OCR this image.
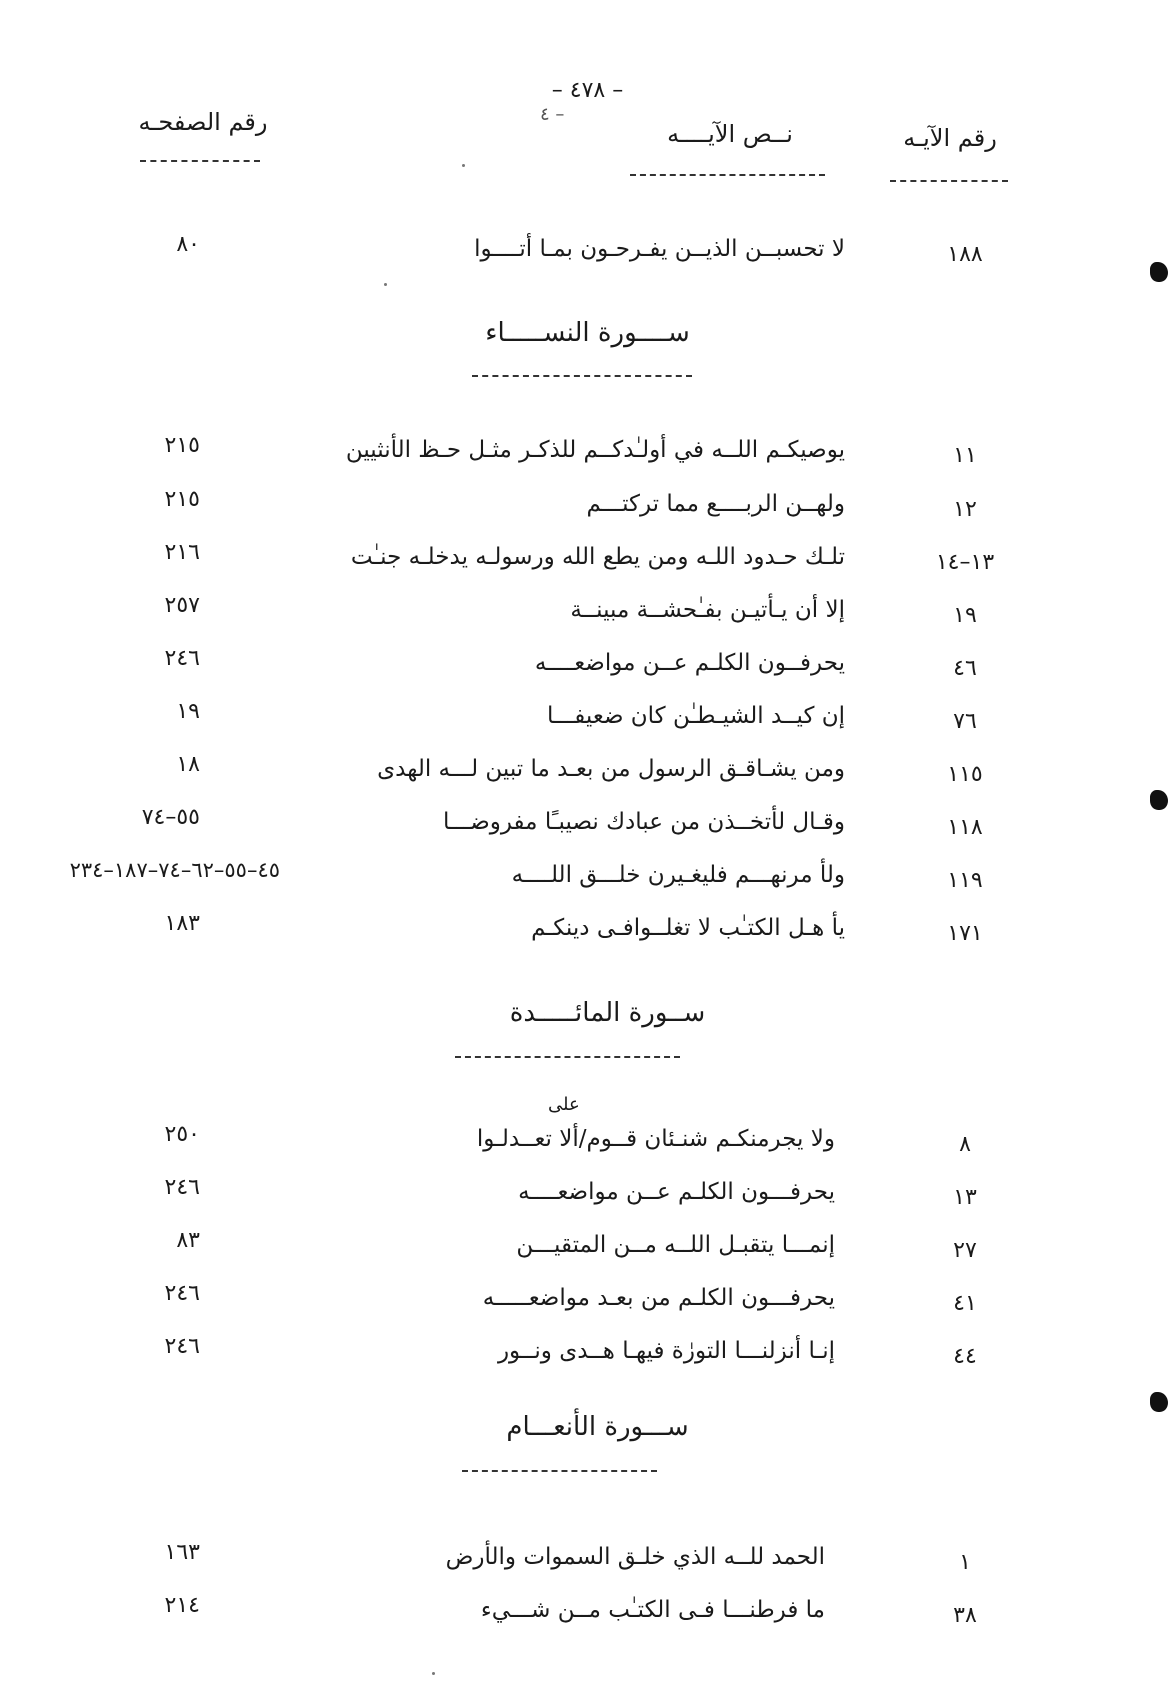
– ٤٧٨ –
– ٤
رقم الصفحـه	نــص الآيــــه	رقم الآيـه
٨٠	لا تحسبــن الذيــن يفـرحـون بمـا أتــــوا	١٨٨
ســــورة النســـــاء
٢١٥	يوصيكـم اللــه في أولـٰدكــم للذكـر مثـل حـظ الأنثيين	١١
٢١٥	ولهــن الربــــع مما تركتـــم	١٢
٢١٦	تلـك حـدود اللـه ومن يطع الله ورسولـه يدخلـه جنـٰت	١٣–١٤
٢٥٧	إلا أن يـأتيـن بفـٰحشــة مبينــة	١٩
٢٤٦	يحرفــون الكلـم عــن مواضعــــه	٤٦
١٩	إن كيــد الشيـطـٰن كان ضعيفـــا	٧٦
١٨	ومن يشـاقـق الرسول من بعـد ما تبين لـــه الهدى	١١٥
٥٥–٧٤	وقـال لأتخــذن من عبادك نصيبـًا مفروضـــا	١١٨
٤٥–٥٥–٦٢–٧٤–١٨٧–٢٣٤	ولأ مرنهـــم فليغـيرن خلـــق اللــــه	١١٩
١٨٣	يأ هـل الكتـٰب لا تغلــوافـى دينكـم	١٧١
ســورة المائـــــدة
على
٢٥٠	ولا يجرمنكـم شنـئان قــوم/ألا تعــدلـوا	٨
٢٤٦	يحرفـــون الكلـم عــن مواضعــــه	١٣
٨٣	إنمـــا يتقبـل اللــه مــن المتقيـــن	٢٧
٢٤٦	يحرفـــون الكلـم من بعـد مواضعـــــه	٤١
٢٤٦	إنـا أنزلنـــا التورٰة فيهـا هــدى ونــور	٤٤
ســـورة الأنعـــام
١٦٣	الحمد للــه الذي خلـق السموات والأرض	١
٢١٤	ما فرطنـــا فـى الكتـٰب مــن شـــيء	٣٨
